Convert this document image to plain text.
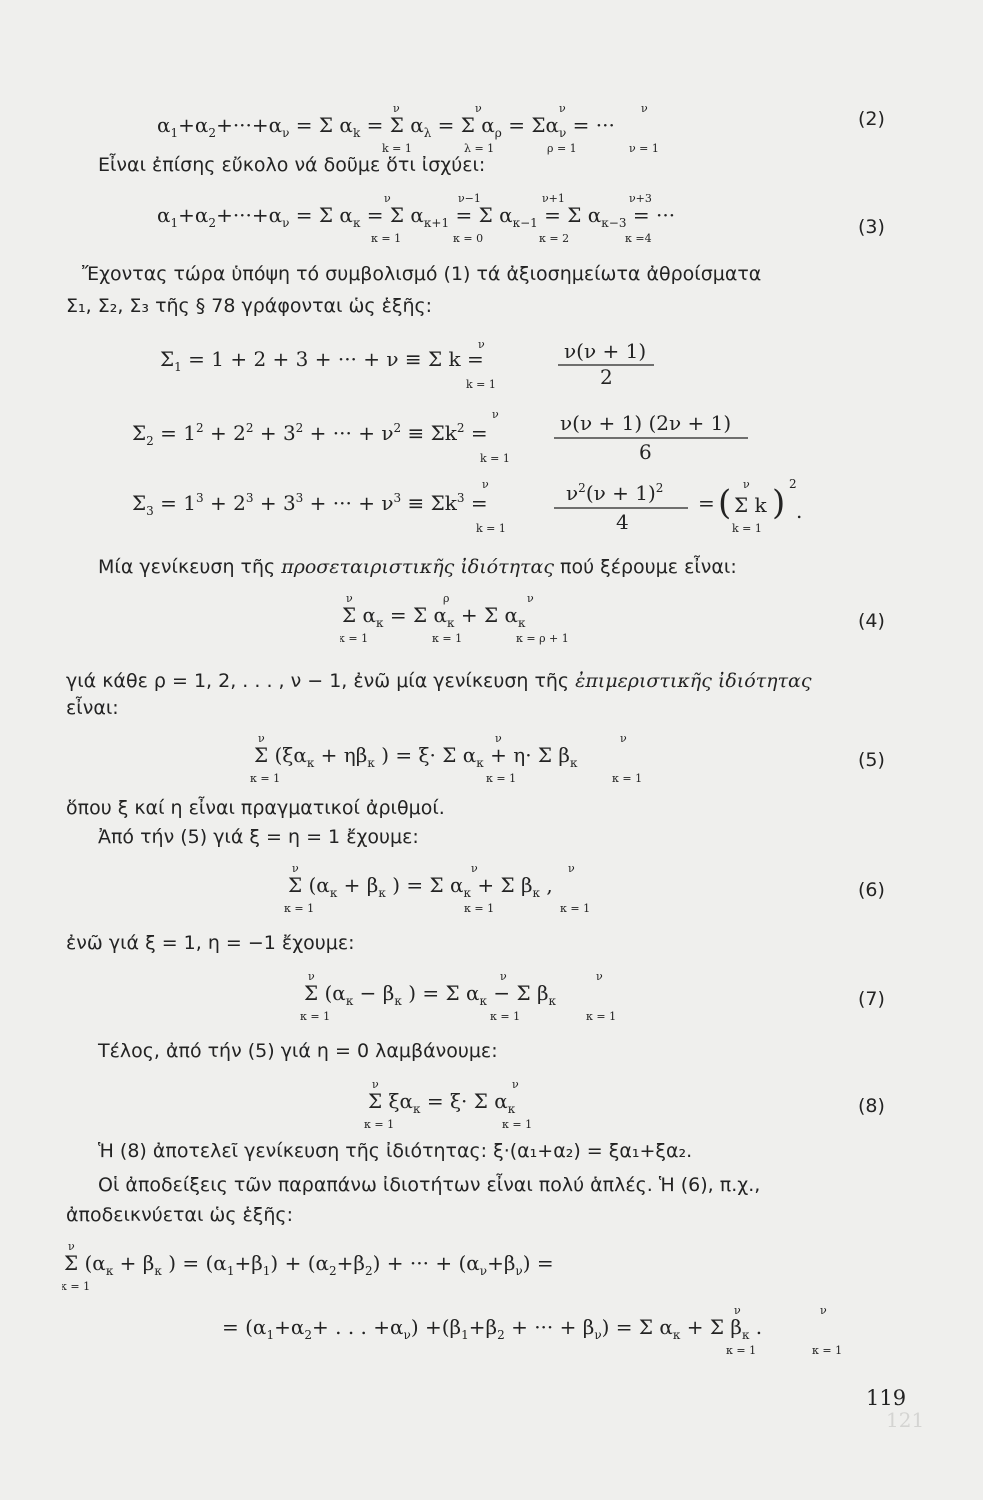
121
$\alpha_1+\alpha_2+\cdot\cdot\cdot+\alpha_\nu = \Sigma$ $\alpha_k = \Sigma$ $\alpha_\lambda = \Sigma$ $\alpha_\rho = \Sigma\alpha_\nu$ = ···
ν
k = 1
ν
λ = 1
ν
ρ = 1
ν
ν = 1
(2)
Εἶναι ἐπίσης εὔκολο νά δοῦμε ὅτι ἰσχύει:
$\alpha_1+\alpha_2+\cdot\cdot\cdot+\alpha_\nu = \Sigma$ $\alpha_\kappa = \Sigma$ $\alpha_{\kappa+1} = \Sigma$ $\alpha_{\kappa-1} = \Sigma$ $\alpha_{\kappa-3}$ = ···
ν
κ = 1
ν−1
κ = 0
ν+1
κ = 2
ν+3
κ =4
(3)
Ἔχοντας τώρα ὑπόψη τό συμβολισμό (1) τά ἀξιοσημείωτα ἀθροίσματα
Σ₁, Σ₂, Σ₃ τῆς § 78 γράφονται ὡς ἑξῆς:
$\Sigma_1 = 1 + 2 + 3$ + ··· + ν ≡ Σ k =
ν
k = 1
ν(ν + 1)
2
$\Sigma_2 = 1^2 + 2^2 + 3^2$ + ··· + $\nu^2 \equiv \Sigma k^2$ =
ν
k = 1
ν(ν + 1) (2ν + 1)
6
$\Sigma_3 = 1^3 + 2^3 + 3^3$ + ··· + $\nu^3 \equiv \Sigma k^3$ =
ν
k = 1
$\nu^2(\nu + 1)^2$
4
= ( ν
Σ k
k = 1
) 2
.
Μία γενίκευση τῆς προσεταιριστικῆς ἰδιότητας πού ξέρουμε εἶναι:
Σ $\alpha_\kappa = \Sigma$ $\alpha_\kappa + \Sigma$ $\alpha_\kappa$
ν
κ = 1
ρ
κ = 1
ν
κ = ρ + 1
(4)
γιά κάθε ρ = 1, 2, . . . , ν − 1, ἐνῶ μία γενίκευση τῆς ἐπιμεριστικῆς ἰδιότητας
εἶναι:
Σ ($\xi\alpha_\kappa + \eta\beta_\kappa$ ) = ξ· Σ $\alpha_\kappa + \eta\cdot \Sigma$ $\beta_\kappa$
ν
κ = 1
ν
κ = 1
ν
κ = 1
(5)
ὅπου ξ καί η εἶναι πραγματικοί ἀριθμοί.
Ἀπό τήν (5) γιά ξ = η = 1 ἔχουμε:
Σ ($\alpha_\kappa + \beta_\kappa$ ) = Σ $\alpha_\kappa + \Sigma$ $\beta_\kappa$ ,
ν
κ = 1
ν
κ = 1
ν
κ = 1
(6)
ἐνῶ γιά ξ = 1, η = −1 ἔχουμε:
Σ ($\alpha_\kappa - \beta_\kappa$ ) = Σ $\alpha_\kappa - \Sigma$ $\beta_\kappa$
ν
κ = 1
ν
κ = 1
ν
κ = 1
(7)
Τέλος, ἀπό τήν (5) γιά η = 0 λαμβάνουμε:
Σ $\xi\alpha_\kappa = \xi\cdot \Sigma$ $\alpha_\kappa$
ν
κ = 1
ν
κ = 1
(8)
Ἡ (8) ἀποτελεῖ γενίκευση τῆς ἰδιότητας: ξ·(α₁+α₂) = ξα₁+ξα₂.
Οἱ ἀποδείξεις τῶν παραπάνω ἰδιοτήτων εἶναι πολύ ἁπλές. Ἡ (6), π.χ.,
ἀποδεικνύεται ὡς ἑξῆς:
Σ ($\alpha_\kappa + \beta_\kappa$ ) = $(\alpha_1+\beta_1) + (\alpha_2+\beta_2)$ + ··· + $(\alpha_\nu+\beta_\nu)$ =
ν
κ = 1
= ($\alpha_1+\alpha_2+$ . . . $+\alpha_\nu) +(\beta_1+\beta_2$ + ··· + $\beta_\nu) = \Sigma$ $\alpha_\kappa + \Sigma$ $\beta_\kappa$ .
ν
κ = 1
ν
κ = 1
119
